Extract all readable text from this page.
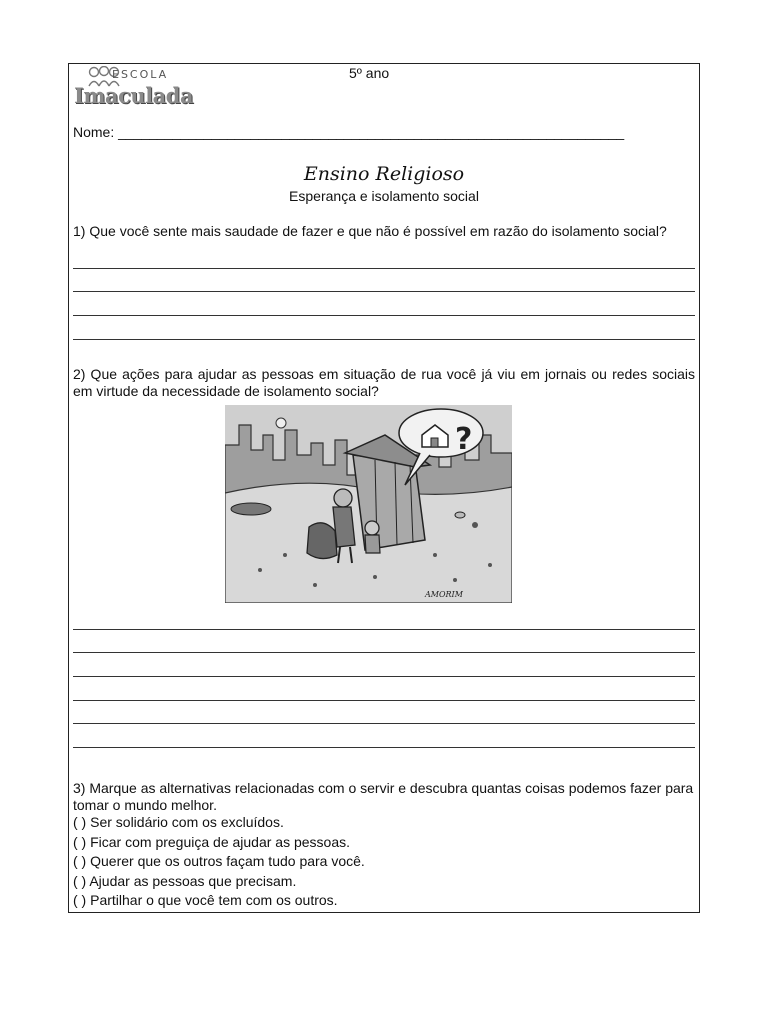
ESCOLA
Imaculada
5º ano
Nome: _________________________________________________________________
Ensino Religioso
Esperança e isolamento social
1) Que você sente mais saudade de fazer e que não é possível em razão do isolamento social?
2) Que ações para ajudar as pessoas em situação de rua você já viu em jornais ou redes sociais em virtude da necessidade de isolamento social?
?
AMORIM
3) Marque as alternativas relacionadas com o servir e descubra quantas coisas podemos fazer para tomar o mundo melhor.
( ) Ser solidário com os excluídos.
( ) Ficar com preguiça de ajudar as pessoas.
( ) Querer que os outros façam tudo para você.
( ) Ajudar as pessoas que precisam.
( ) Partilhar o que você tem com os outros.
